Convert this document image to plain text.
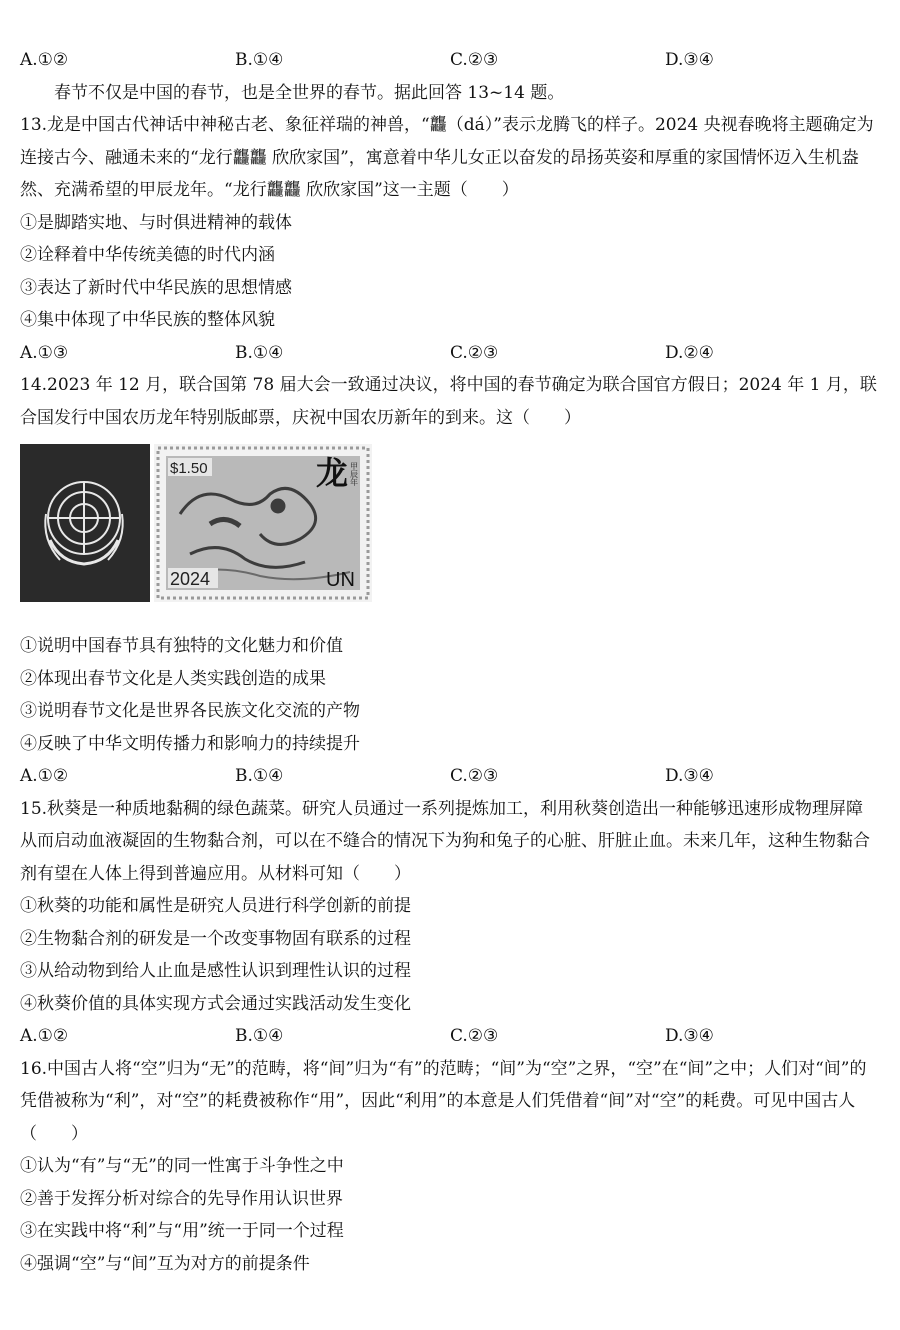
A.①②	B.①④	C.②③	D.③④
春节不仅是中国的春节，也是全世界的春节。据此回答 13~14 题。
13.龙是中国古代神话中神秘古老、象征祥瑞的神兽，“龘（dá）”表示龙腾飞的样子。2024 央视春晚将主题确定为连接古今、融通未来的“龙行龘龘 欣欣家国”，寓意着中华儿女正以奋发的昂扬英姿和厚重的家国情怀迈入生机盎然、充满希望的甲辰龙年。“龙行龘龘 欣欣家国”这一主题（　　）
①是脚踏实地、与时俱进精神的载体
②诠释着中华传统美德的时代内涵
③表达了新时代中华民族的思想情感
④集中体现了中华民族的整体风貌
A.①③	B.①④	C.②③	D.②④
14.2023 年 12 月，联合国第 78 届大会一致通过决议，将中国的春节确定为联合国官方假日；2024 年 1 月，联合国发行中国农历龙年特别版邮票，庆祝中国农历新年的到来。这（　　）
$1.50	龙 甲辰年
2024	UN
①说明中国春节具有独特的文化魅力和价值
②体现出春节文化是人类实践创造的成果
③说明春节文化是世界各民族文化交流的产物
④反映了中华文明传播力和影响力的持续提升
A.①②	B.①④	C.②③	D.③④
15.秋葵是一种质地黏稠的绿色蔬菜。研究人员通过一系列提炼加工，利用秋葵创造出一种能够迅速形成物理屏障从而启动血液凝固的生物黏合剂，可以在不缝合的情况下为狗和兔子的心脏、肝脏止血。未来几年，这种生物黏合剂有望在人体上得到普遍应用。从材料可知（　　）
①秋葵的功能和属性是研究人员进行科学创新的前提
②生物黏合剂的研发是一个改变事物固有联系的过程
③从给动物到给人止血是感性认识到理性认识的过程
④秋葵价值的具体实现方式会通过实践活动发生变化
A.①②	B.①④	C.②③	D.③④
16.中国古人将“空”归为“无”的范畴，将“间”归为“有”的范畴；“间”为“空”之界，“空”在“间”之中；人们对“间”的凭借被称为“利”，对“空”的耗费被称作“用”，因此“利用”的本意是人们凭借着“间”对“空”的耗费。可见中国古人（　　）
①认为“有”与“无”的同一性寓于斗争性之中
②善于发挥分析对综合的先导作用认识世界
③在实践中将“利”与“用”统一于同一个过程
④强调“空”与“间”互为对方的前提条件
